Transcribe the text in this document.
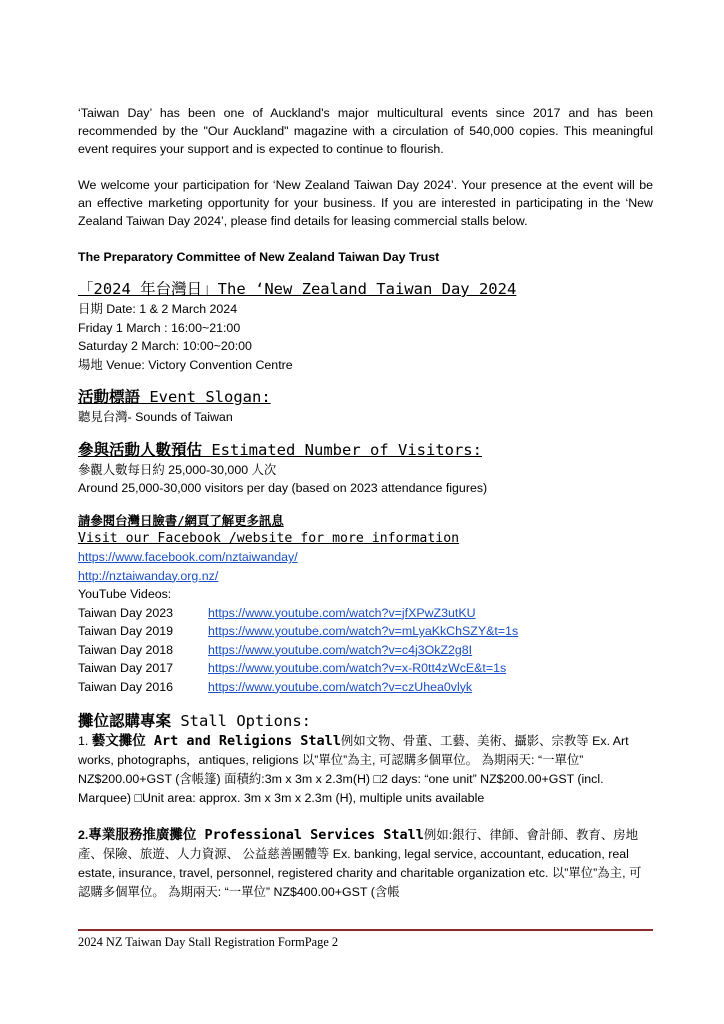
‘Taiwan Day’ has been one of Auckland's major multicultural events since 2017 and has been recommended by the "Our Auckland" magazine with a circulation of 540,000 copies. This meaningful event requires your support and is expected to continue to flourish.

We welcome your participation for ‘New Zealand Taiwan Day 2024’. Your presence at the event will be an effective marketing opportunity for your business. If you are interested in participating in the ‘New Zealand Taiwan Day 2024’, please find details for leasing commercial stalls below.

The Preparatory Committee of New Zealand Taiwan Day Trust

「2024 年台灣日」The ‘New Zealand Taiwan Day 2024

日期 Date: 1 & 2 March 2024

Friday 1 March : 16:00~21:00

Saturday 2 March: 10:00~20:00

場地 Venue: Victory Convention Centre

活動標語 Event Slogan:

聽見台灣- Sounds of Taiwan

參與活動人數預估 Estimated Number of Visitors:

參觀人數每日約 25,000-30,000 人次

Around 25,000-30,000 visitors per day (based on 2023 attendance figures)

請參閱台灣日臉書/網頁了解更多訊息

Visit our Facebook /website for more information

https://www.facebook.com/nztaiwanday/

http://nztaiwanday.org.nz/

YouTube Videos:

Taiwan Day 2023	https://www.youtube.com/watch?v=jfXPwZ3utKU
Taiwan Day 2019	https://www.youtube.com/watch?v=mLyaKkChSZY&t=1s
Taiwan Day 2018	https://www.youtube.com/watch?v=c4j3OkZ2g8I
Taiwan Day 2017	https://www.youtube.com/watch?v=x-R0tt4zWcE&t=1s
Taiwan Day 2016	https://www.youtube.com/watch?v=czUhea0vlyk

攤位認購專案 Stall Options:

1. 藝文攤位 Art and Religions Stall例如文物、骨董、工藝、美術、攝影、宗教等 Ex. Art works, photographs，antiques, religions 以”單位”為主, 可認購多個單位。 為期兩天: “一單位” NZ$200.00+GST (含帳篷) 面積約:3m x 3m x 2.3m(H) □2 days: “one unit” NZ$200.00+GST (incl. Marquee) □Unit area: approx. 3m x 3m x 2.3m (H), multiple units available

2.專業服務推廣攤位 Professional Services Stall例如:銀行、律師、會計師、教育、房地產、保險、旅遊、人力資源、 公益慈善團體等 Ex. banking, legal service, accountant, education, real estate, insurance, travel, personnel, registered charity and charitable organization etc. 以”單位”為主, 可認購多個單位。 為期兩天: “一單位” NZ$400.00+GST (含帳

2024 NZ Taiwan Day Stall Registration FormPage 2
